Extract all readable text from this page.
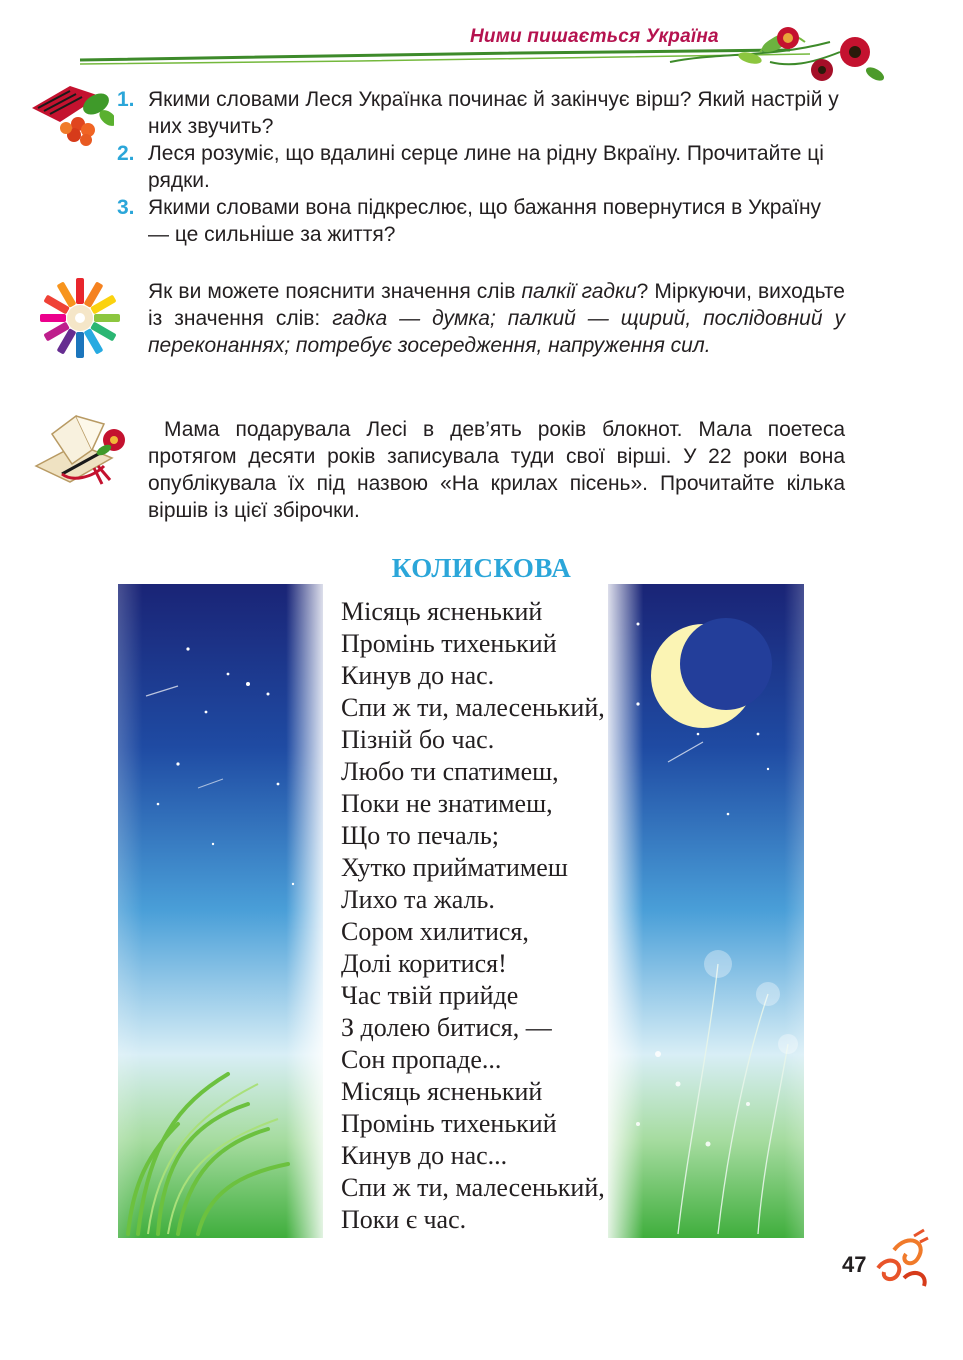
Ними пишається Україна
1. Якими словами Леся Українка починає й закінчує вірш? Який настрій у них звучить?
2. Леся розуміє, що вдалині серце лине на рідну Вкраїну. Прочитайте ці рядки.
3. Якими словами вона підкреслює, що бажання повернутися в Україну — це сильніше за життя?
Як ви можете пояснити значення слів палкії гадки? Міркуючи, виходьте із значення слів: гадка — думка; палкий — щирий, послідовний у переконаннях; потребує зосередження, напруження сил.
Мама подарувала Лесі в дев’ять років блокнот. Мала поетеса протягом десяти років записувала туди свої вірші. У 22 роки вона опублікувала їх під назвою «На крилах пісень». Прочитайте кілька віршів із цієї збірочки.
КОЛИСКОВА
Місяць ясненький
Промінь тихенький
Кинув до нас.
Спи ж ти, малесенький,
Пізній бо час.
Любо ти спатимеш,
Поки не знатимеш,
Що то печаль;
Хутко прийматимеш
Лихо та жаль.
Сором хилитися,
Долі коритися!
Час твій прийде
З долею битися, —
Сон пропаде...
Місяць ясненький
Промінь тихенький
Кинув до нас...
Спи ж ти, малесенький,
Поки є час.
47
